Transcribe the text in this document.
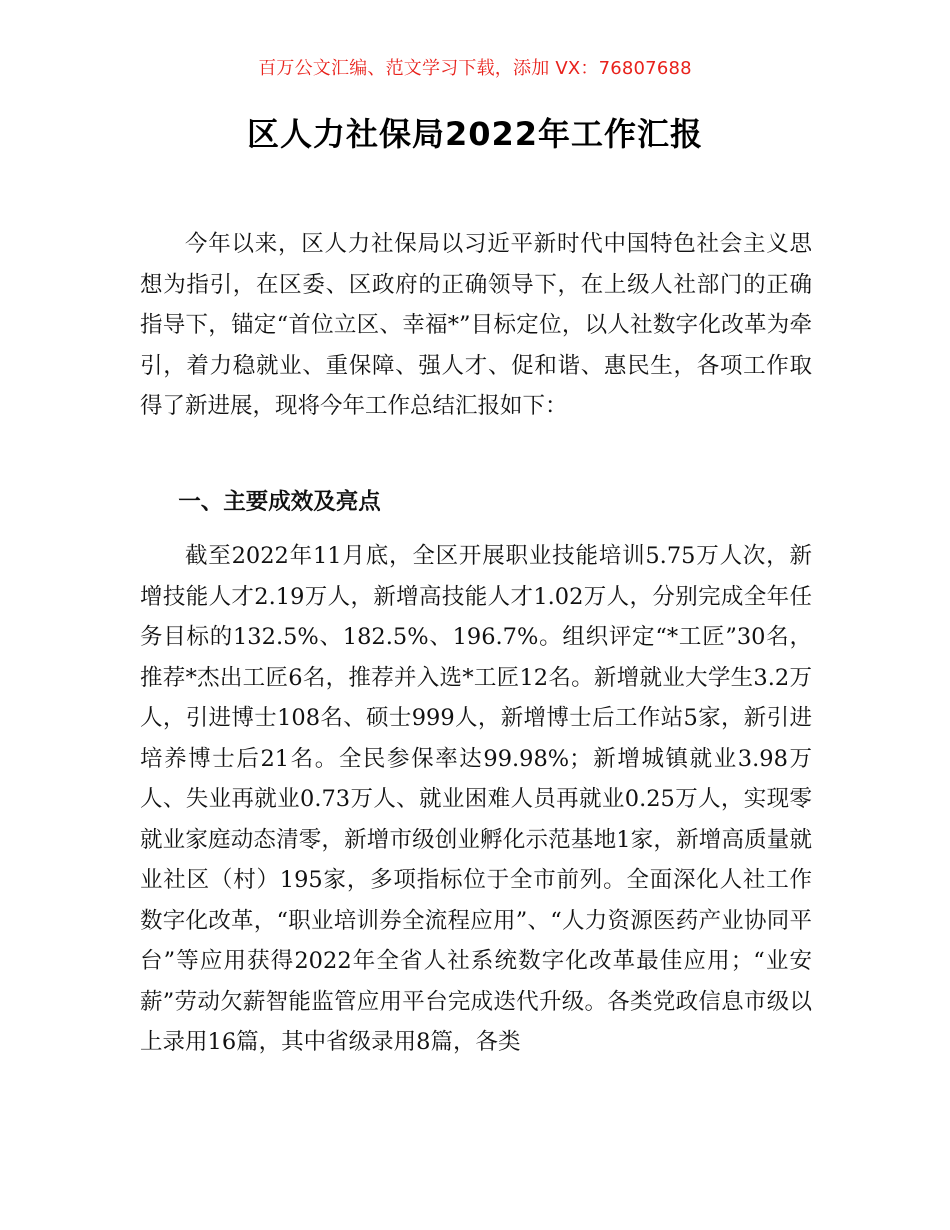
百万公文汇编、范文学习下载，添加 VX：76807688
区人力社保局2022年工作汇报

今年以来，区人力社保局以习近平新时代中国特色社会主义思想为指引，在区委、区政府的正确领导下，在上级人社部门的正确指导下，锚定“首位立区、幸福*”目标定位，以人社数字化改革为牵引，着力稳就业、重保障、强人才、促和谐、惠民生，各项工作取得了新进展，现将今年工作总结汇报如下：

一、主要成效及亮点

截至2022年11月底，全区开展职业技能培训5.75万人次，新增技能人才2.19万人，新增高技能人才1.02万人，分别完成全年任务目标的132.5%、182.5%、196.7%。组织评定“*工匠”30名，推荐*杰出工匠6名，推荐并入选*工匠12名。新增就业大学生3.2万人，引进博士108名、硕士999人，新增博士后工作站5家，新引进培养博士后21名。全民参保率达99.98%；新增城镇就业3.98万人、失业再就业0.73万人、就业困难人员再就业0.25万人，实现零就业家庭动态清零，新增市级创业孵化示范基地1家，新增高质量就业社区（村）195家，多项指标位于全市前列。全面深化人社工作数字化改革，“职业培训券全流程应用”、“人力资源医药产业协同平台”等应用获得2022年全省人社系统数字化改革最佳应用；“业安薪”劳动欠薪智能监管应用平台完成迭代升级。各类党政信息市级以上录用16篇，其中省级录用8篇，各类
